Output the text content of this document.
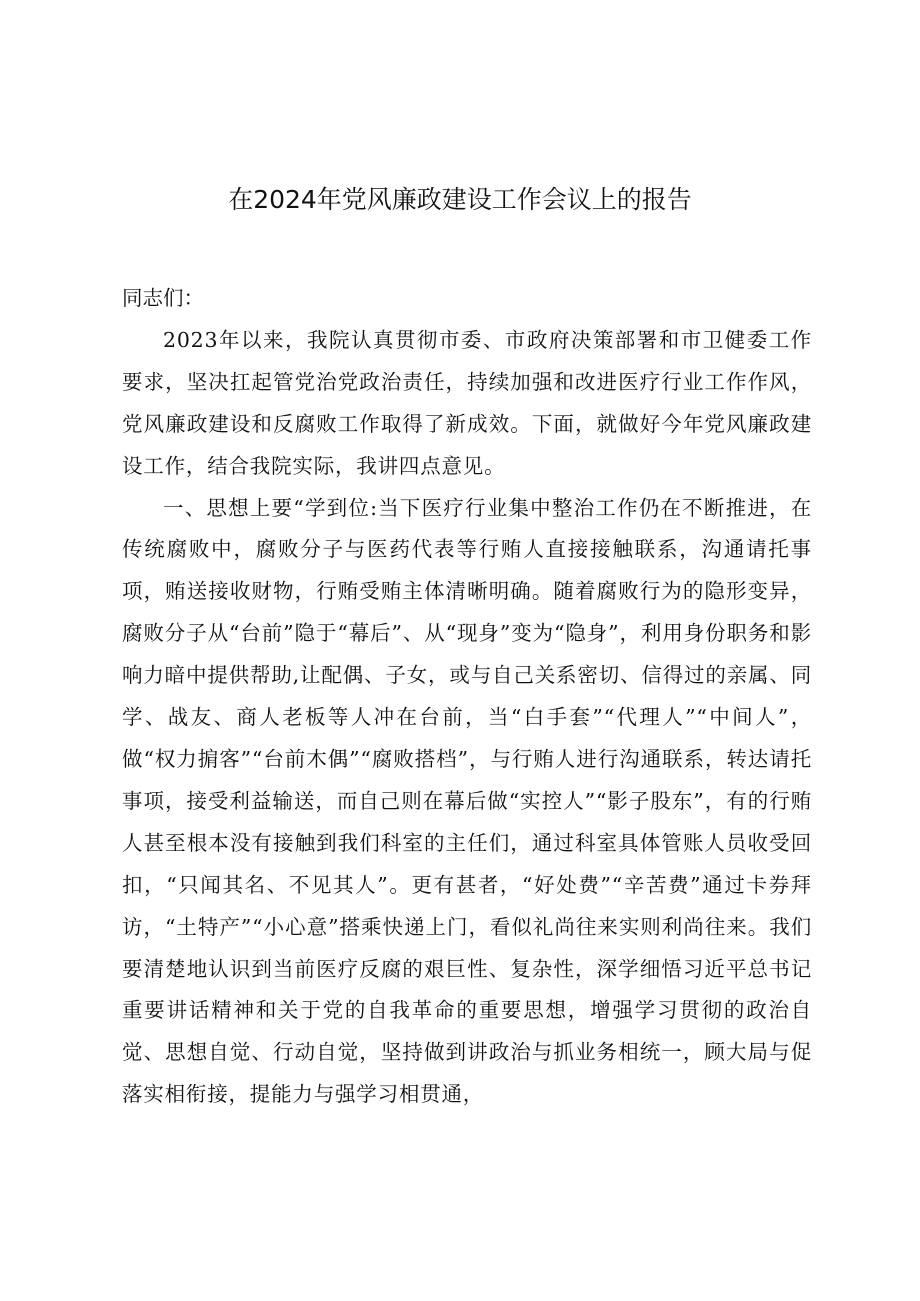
在2024年党风廉政建设工作会议上的报告

同志们：

2023年以来，我院认真贯彻市委、市政府决策部署和市卫健委工作要求，坚决扛起管党治党政治责任，持续加强和改进医疗行业工作作风，党风廉政建设和反腐败工作取得了新成效。下面，就做好今年党风廉政建设工作，结合我院实际，我讲四点意见。

一、思想上要“学到位:当下医疗行业集中整治工作仍在不断推进，在传统腐败中，腐败分子与医药代表等行贿人直接接触联系，沟通请托事项，贿送接收财物，行贿受贿主体清晰明确。随着腐败行为的隐形变异，腐败分子从“台前”隐于“幕后”、从“现身”变为“隐身”，利用身份职务和影响力暗中提供帮助,让配偶、子女，或与自己关系密切、信得过的亲属、同学、战友、商人老板等人冲在台前，当“白手套”“代理人”“中间人”，做“权力掮客”“台前木偶”“腐败搭档”，与行贿人进行沟通联系，转达请托事项，接受利益输送，而自己则在幕后做“实控人”“影子股东”，有的行贿人甚至根本没有接触到我们科室的主任们，通过科室具体管账人员收受回扣，“只闻其名、不见其人”。更有甚者，“好处费”“辛苦费”通过卡券拜访，“土特产”“小心意”搭乘快递上门，看似礼尚往来实则利尚往来。我们要清楚地认识到当前医疗反腐的艰巨性、复杂性，深学细悟习近平总书记重要讲话精神和关于党的自我革命的重要思想，增强学习贯彻的政治自觉、思想自觉、行动自觉，坚持做到讲政治与抓业务相统一，顾大局与促落实相衔接，提能力与强学习相贯通，
